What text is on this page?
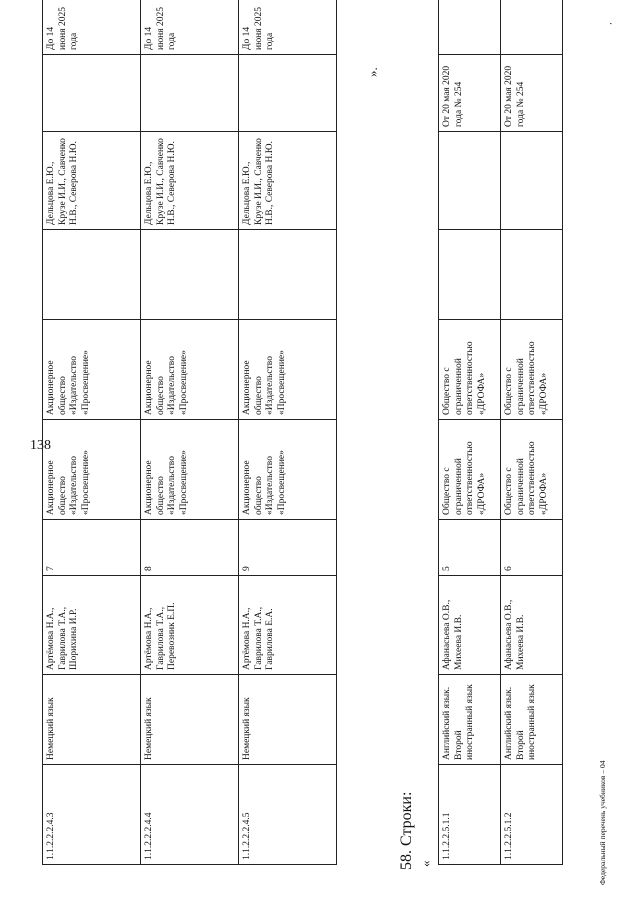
138
1.1.2.2.2.4.3	Немецкий язык	Артёмова Н.А., Гаврилова Т.А., Шорихина И.Р.	7	Акционерное общество «Издательство «Просвещение»	Акционерное общество «Издательство «Просвещение»		Дельцова Е.Ю., Крузе И.И., Савченко Н.В., Северова Н.Ю.		До 14 июня 2025 года
1.1.2.2.2.4.4	Немецкий язык	Артёмова Н.А., Гаврилова Т.А., Перевозник Е.П.	8	Акционерное общество «Издательство «Просвещение»	Акционерное общество «Издательство «Просвещение»		Дельцова Е.Ю., Крузе И.И., Савченко Н.В., Северова Н.Ю.		До 14 июня 2025 года
1.1.2.2.2.4.5	Немецкий язык	Артёмова Н.А., Гаврилова Т.А., Гаврилова Е.А.	9	Акционерное общество «Издательство «Просвещение»	Акционерное общество «Издательство «Просвещение»		Дельцова Е.Ю., Крузе И.И., Савченко Н.В., Северова Н.Ю.		До 14 июня 2025 года
58. Строки: «
1.1.2.2.5.1.1	Английский язык. Второй иностранный язык	Афанасьева О.В., Михеева И.В.	5	Общество с ограниченной ответственностью «ДРОФА»	Общество с ограниченной ответственностью «ДРОФА»			От 20 мая 2020 года № 254	
1.1.2.2.5.1.2	Английский язык. Второй иностранный язык	Афанасьева О.В., Михеева И.В.	6	Общество с ограниченной ответственностью «ДРОФА»	Общество с ограниченной ответственностью «ДРОФА»			От 20 мая 2020 года № 254	
».
Федеральный перечень учебников – 04
‚
